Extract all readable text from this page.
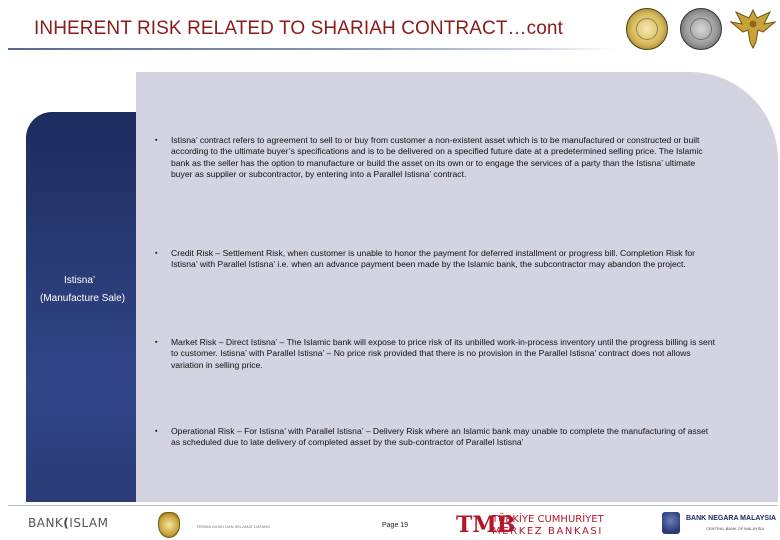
INHERENT RISK RELATED TO SHARIAH CONTRACT…cont
Istisna’
(Manufacture Sale)
▪	Istisna’ contract refers to agreement to sell to or buy from customer a non-existent asset which is to be manufactured or constructed or built according to the ultimate buyer’s specifications and is to be delivered on a specified future date at a predetermined selling price. The Islamic bank as the seller has the option to manufacture or build the asset on its own or to engage the services of a party than the Istisna’ ultimate buyer as supplier or subcontractor, by entering into a Parallel Istisna’ contract.
▪	Credit Risk – Settlement Risk, when customer is unable to honor the payment for deferred installment or progress bill. Completion Risk for Istisna’ with Parallel Istisna’ i.e. when an advance payment been made by the Islamic bank, the subcontractor may abandon the project.
▪	Market Risk – Direct Istisna’ – The Islamic bank will expose to price risk of its unbilled work-in-process inventory until the progress billing is sent to customer. Istisna’ with Parallel Istisna’ – No price risk provided that there is no provision in the Parallel Istisna’ contract does not allows variation in selling price.
▪	Operational Risk – For Istisna’ with Parallel Istisna’ – Delivery Risk where an Islamic bank may unable to complete the manufacturing of asset as scheduled due to late delivery of completed asset by the sub-contractor of Parallel Istisna’
BANK(ISLAM	TERIMA KASIH DAN SELAMAT DATANG	Page 19 TMB
TÜRKİYE CUMHURİYET
MERKEZ BANKASI
BANK NEGARA MALAYSIA
CENTRAL BANK OF MALAYSIA
